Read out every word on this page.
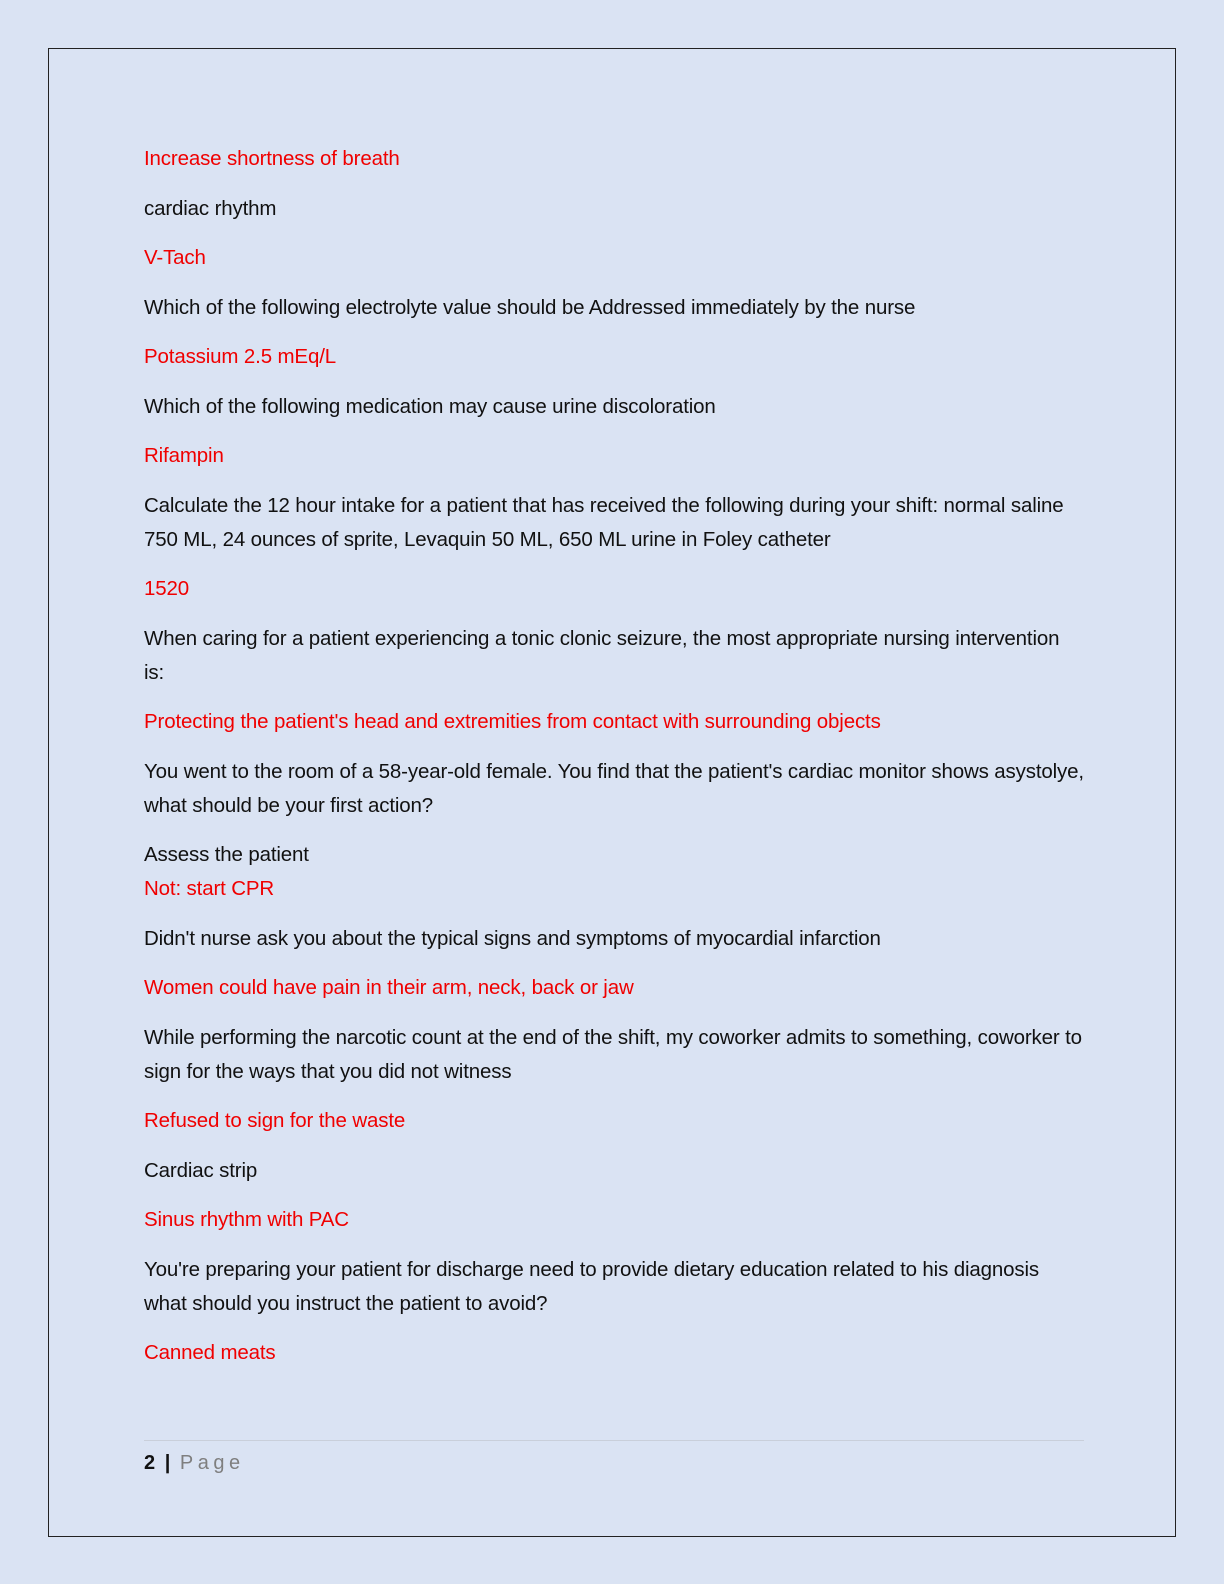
Increase shortness of breath
cardiac rhythm
V-Tach
Which of the following electrolyte value should be Addressed immediately by the nurse
Potassium 2.5 mEq/L
Which of the following medication may cause urine discoloration
Rifampin
Calculate the 12 hour intake for a patient that has received the following during your shift: normal saline 750 ML, 24 ounces of sprite, Levaquin 50 ML, 650 ML urine in Foley catheter
1520
When caring for a patient experiencing a tonic clonic seizure, the most appropriate nursing intervention is:
Protecting the patient's head and extremities from contact with surrounding objects
You went to the room of a 58-year-old female. You find that the patient's cardiac monitor shows asystolye, what should be your first action?
Assess the patient
Not: start CPR
Didn't nurse ask you about the typical signs and symptoms of myocardial infarction
Women could have pain in their arm, neck, back or jaw
While performing the narcotic count at the end of the shift, my coworker admits to something, coworker to sign for the ways that you did not witness
Refused to sign for the waste
Cardiac strip
Sinus rhythm with PAC
You're preparing your patient for discharge need to provide dietary education related to his diagnosis what should you instruct the patient to avoid?
Canned meats
2 | Page
